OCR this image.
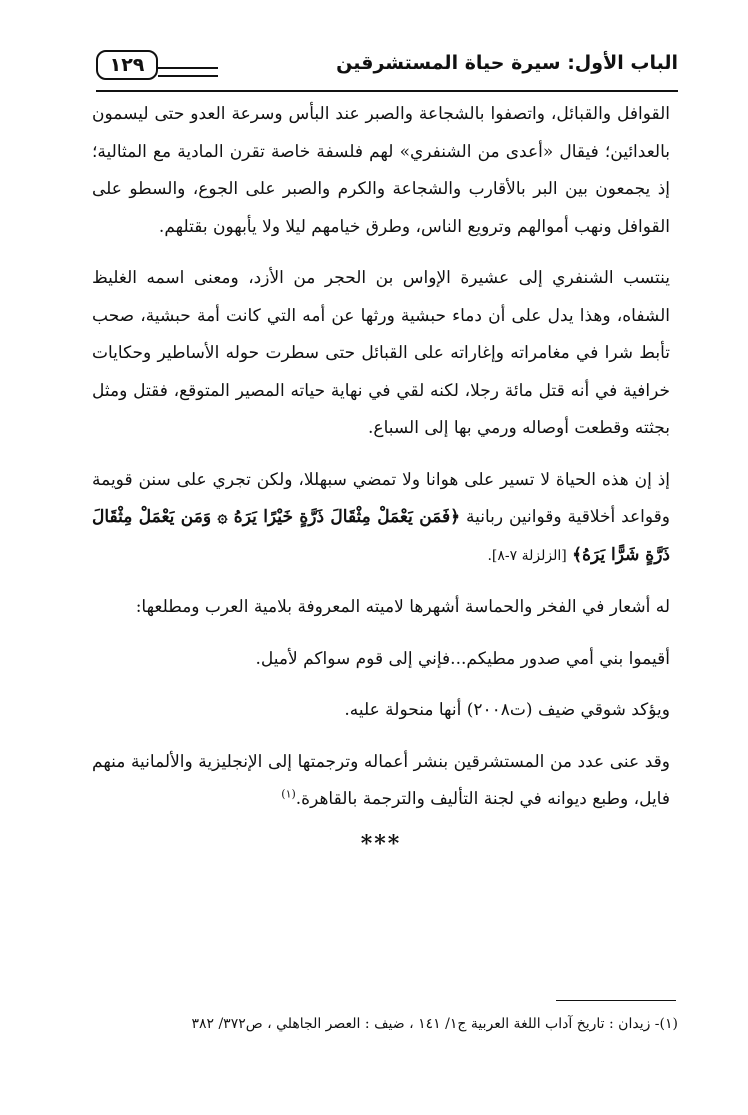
الباب الأول: سيرة حياة المستشرقين
١٢٩

القوافل والقبائل، واتصفوا بالشجاعة والصبر عند البأس وسرعة العدو حتى ليسمون بالعدائين؛ فيقال «أعدى من الشنفري» لهم فلسفة خاصة تقرن المادية مع المثالية؛ إذ يجمعون بين البر بالأقارب والشجاعة والكرم والصبر على الجوع، والسطو على القوافل ونهب أموالهم وترويع الناس، وطرق خيامهم ليلا ولا يأبهون بقتلهم.

ينتسب الشنفري إلى عشيرة الإواس بن الحجر من الأزد، ومعنى اسمه الغليظ الشفاه، وهذا يدل على أن دماء حبشية ورثها عن أمه التي كانت أمة حبشية، صحب تأبط شرا في مغامراته وإغاراته على القبائل حتى سطرت حوله الأساطير وحكايات خرافية في أنه قتل مائة رجلا، لكنه لقي في نهاية حياته المصير المتوقع، فقتل ومثل بجثته وقطعت أوصاله ورمي بها إلى السباع.

إذ إن هذه الحياة لا تسير على هوانا ولا تمضي سبهللا، ولكن تجري على سنن قويمة وقواعد أخلاقية وقوانين ربانية ﴿فَمَن يَعْمَلْ مِثْقَالَ ذَرَّةٍ خَيْرًا يَرَهُ ۞ وَمَن يَعْمَلْ مِثْقَالَ ذَرَّةٍ شَرًّا يَرَهُ﴾ [الزلزلة ٧-٨].

له أشعار في الفخر والحماسة أشهرها لاميته المعروفة بلامية العرب ومطلعها:

أقيموا بني أمي صدور مطيكم...فإني إلى قوم سواكم لأميل.

ويؤكد شوقي ضيف (ت٢٠٠٨) أنها منحولة عليه.

وقد عنى عدد من المستشرقين بنشر أعماله وترجمتها إلى الإنجليزية والألمانية منهم فايل، وطبع ديوانه في لجنة التأليف والترجمة بالقاهرة.$^{(١)}$

***
(١)- زيدان : تاريخ آداب اللغة العربية ج١/ ١٤١ ، ضيف : العصر الجاهلي ، ص٣٧٢/ ٣٨٢
